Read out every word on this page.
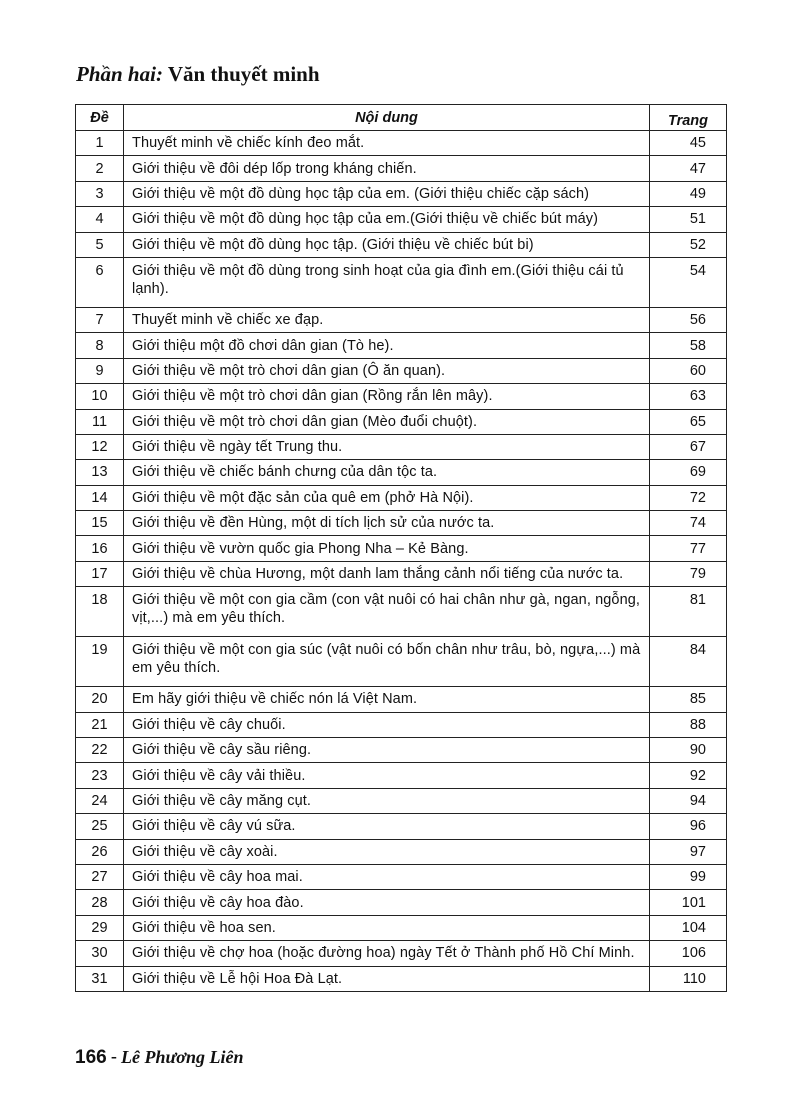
Phần hai: Văn thuyết minh
Đề	Nội dung	Trang
1	Thuyết minh về chiếc kính đeo mắt.	45
2	Giới thiệu về đôi dép lốp trong kháng chiến.	47
3	Giới thiệu về một đồ dùng học tập của em. (Giới thiệu chiếc cặp sách)	49
4	Giới thiệu về một đồ dùng học tập của em.(Giới thiệu về chiếc bút máy)	51
5	Giới thiệu về một đồ dùng học tập. (Giới thiệu về chiếc bút bi)	52
6	Giới thiệu về một đồ dùng trong sinh hoạt của gia đình em.(Giới thiệu cái tủ lạnh).	54
7	Thuyết minh về chiếc xe đạp.	56
8	Giới thiệu một đồ chơi dân gian (Tò he).	58
9	Giới thiệu về một trò chơi dân gian (Ô ăn quan).	60
10	Giới thiệu về một trò chơi dân gian (Rồng rắn lên mây).	63
11	Giới thiệu về một trò chơi dân gian (Mèo đuổi chuột).	65
12	Giới thiệu về ngày tết Trung thu.	67
13	Giới thiệu về chiếc bánh chưng của dân tộc ta.	69
14	Giới thiệu về một đặc sản của quê em (phở Hà Nội).	72
15	Giới thiệu về đền Hùng, một di tích lịch sử của nước ta.	74
16	Giới thiệu về vườn quốc gia Phong Nha – Kẻ Bàng.	77
17	Giới thiệu về chùa Hương, một danh lam thắng cảnh nổi tiếng của nước ta.	79
18	Giới thiệu về một con gia cầm (con vật nuôi có hai chân như gà, ngan, ngỗng, vịt,...) mà em yêu thích.	81
19	Giới thiệu về một con gia súc (vật nuôi có bốn chân như trâu, bò, ngựa,...) mà em yêu thích.	84
20	Em hãy giới thiệu về chiếc nón lá Việt Nam.	85
21	Giới thiệu về cây chuối.	88
22	Giới thiệu về cây sầu riêng.	90
23	Giới thiệu về cây vải thiều.	92
24	Giới thiệu về cây măng cụt.	94
25	Giới thiệu về cây vú sữa.	96
26	Giới thiệu về cây xoài.	97
27	Giới thiệu về cây hoa mai.	99
28	Giới thiệu về cây hoa đào.	101
29	Giới thiệu về hoa sen.	104
30	Giới thiệu về chợ hoa (hoặc đường hoa) ngày Tết ở Thành phố Hồ Chí Minh.	106
31	Giới thiệu về Lễ hội Hoa Đà Lạt.	110
166 - Lê Phương Liên
